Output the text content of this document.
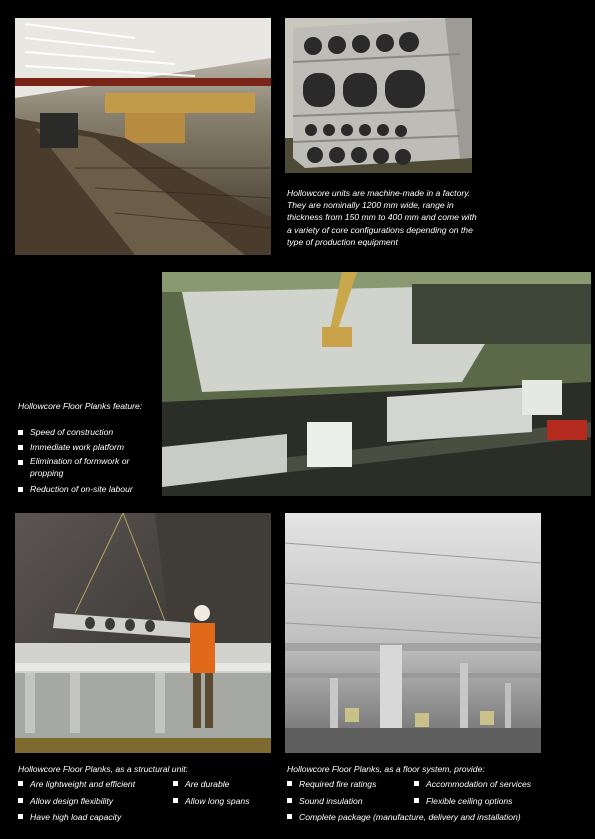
Hollowcore units are machine-made in a factory. They are nominally 1200 mm wide, range in thickness from 150 mm to 400 mm and come with a variety of core configurations depending on the type of production equipment
Hollowcore Floor Planks feature:
Speed of construction
Immediate work platform
Elimination of formwork or propping
Reduction of on-site labour
Hollowcore Floor Planks, as a structural unit:
Are lightweight and efficient
Allow design flexibility
Have high load capacity
Are durable
Allow long spans
Hollowcore Floor Planks, as a floor system, provide:
Required fire ratings
Sound insulation
Accommodation of services
Flexible ceiling options
Complete package (manufacture, delivery and installation)
